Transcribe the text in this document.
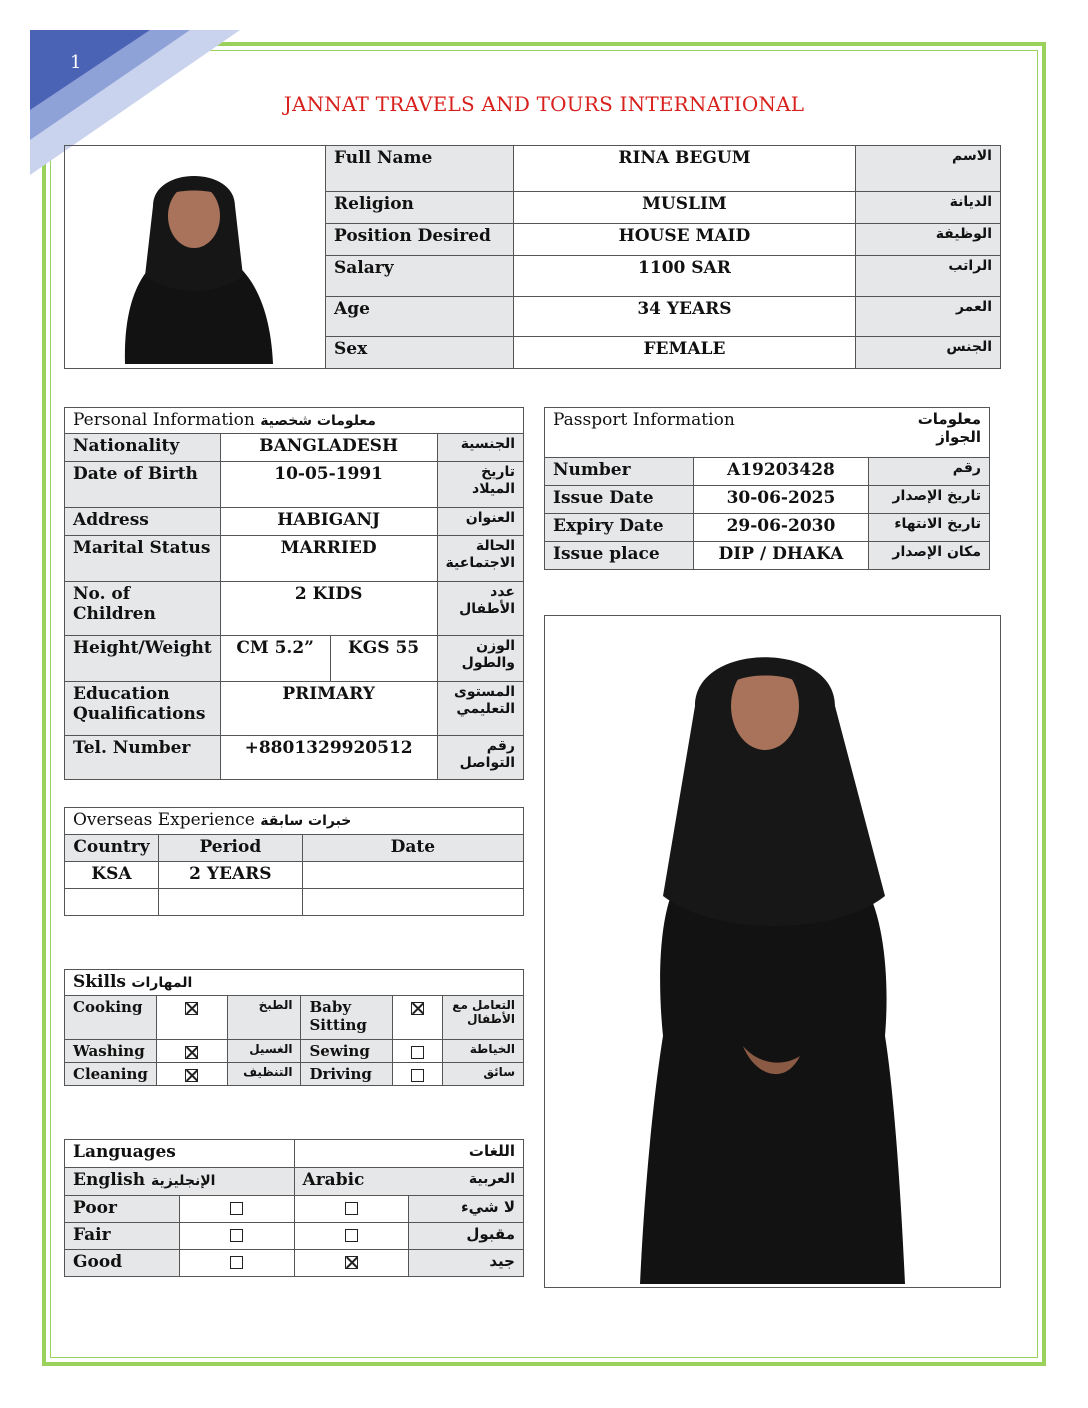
1
JANNAT TRAVELS AND TOURS INTERNATIONAL
	Full Name	RINA BEGUM	الاسم
	Religion	MUSLIM	الديانة
	Position Desired	HOUSE MAID	الوظيفة
	Salary	1100 SAR	الراتب
	Age	34 YEARS	العمر
	Sex	FEMALE	الجنس
Personal Information معلومات شخصية			
Nationality	BANGLADESH		الجنسية
Date of Birth	10-05-1991		تاريخ الميلاد
Address	HABIGANJ		العنوان
Marital Status	MARRIED		الحالة الاجتماعية
No. of Children	2 KIDS		عدد الأطفال
Height/Weight	CM 5.2”	KGS 55	الوزن والطول
Education Qualifications	PRIMARY		المستوى التعليمي
Tel. Number	+8801329920512		رقم التواصل
Passport Information		معلومات الجواز
Number	A19203428	رقم
Issue Date	30-06-2025	تاريخ الإصدار
Expiry Date	29-06-2030	تاريخ الانتهاء
Issue place	DIP / DHAKA	مكان الإصدار
Overseas Experience خبرات سابقة		
Country	Period	Date
KSA	2 YEARS	

Skills المهارات					
Cooking		الطبخ	Baby Sitting		التعامل مع الأطفال
Washing		الغسيل	Sewing		الخياطة
Cleaning		التنظيف	Driving		سائق
Languages		اللغات	
English الإنجليزية		Arabic العربية	

Poor			لا شيء
Fair			مقبول
Good			جيد
